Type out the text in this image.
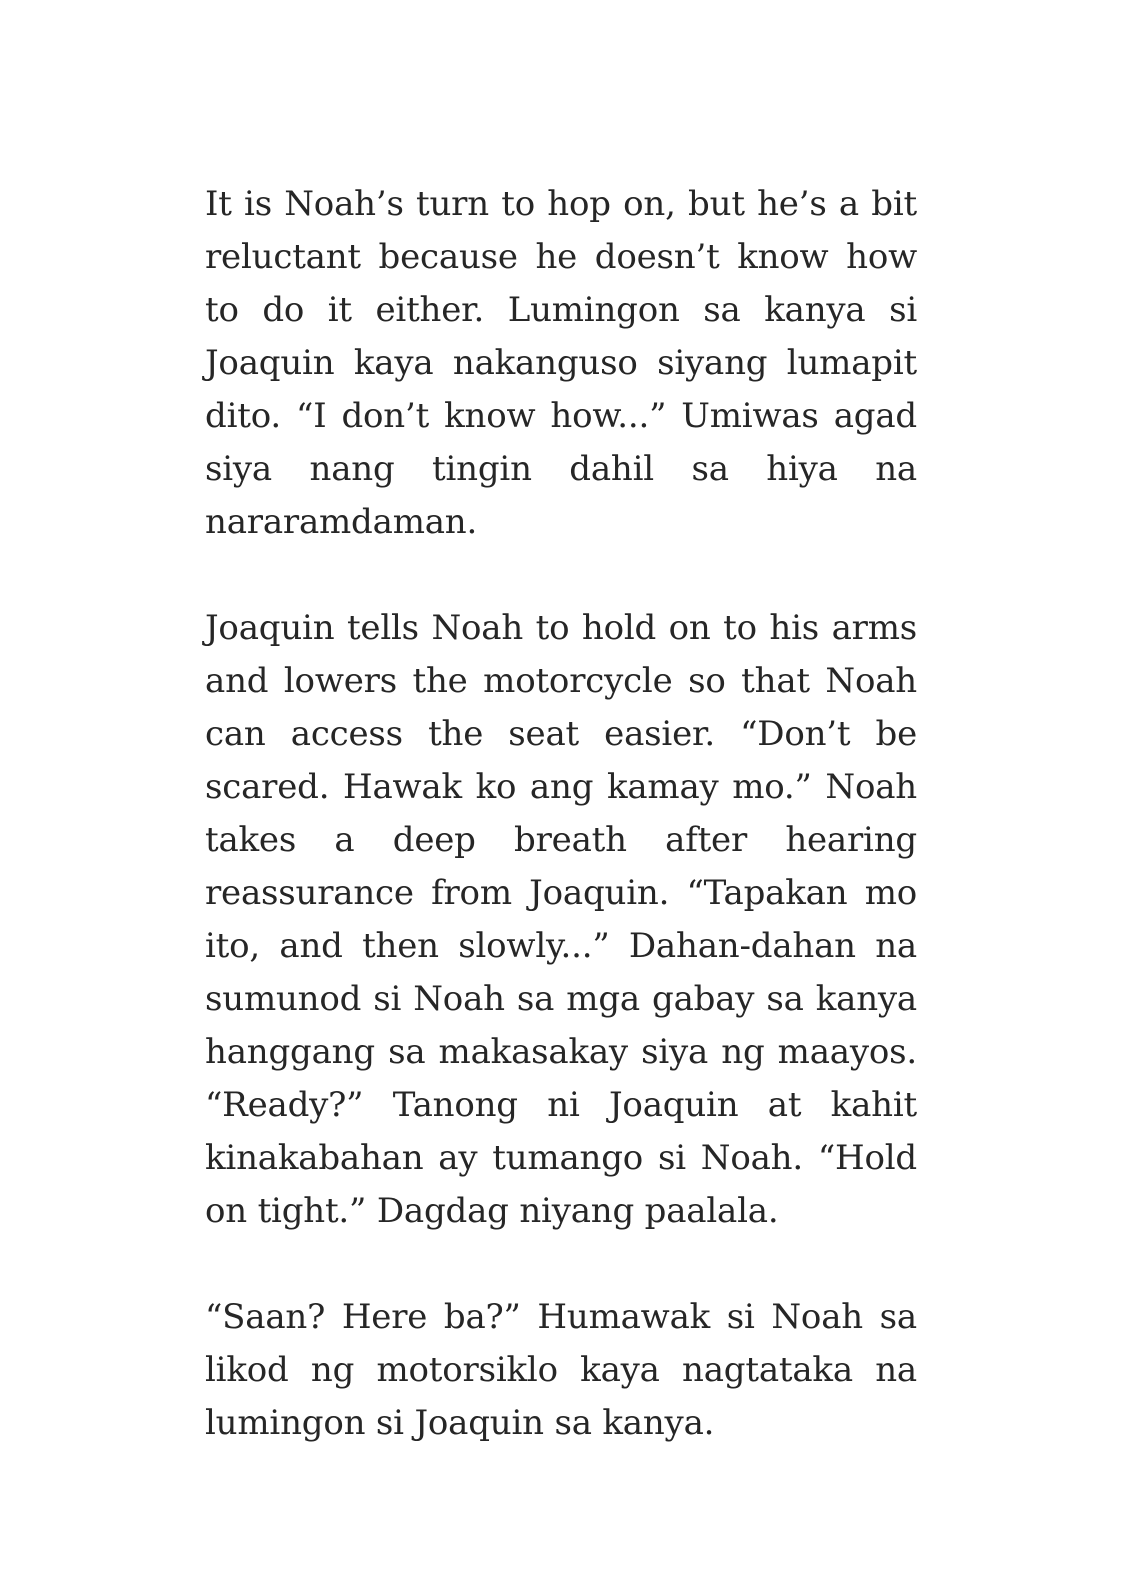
It is Noah’s turn to hop on, but he’s a bit reluctant because he doesn’t know how to do it either. Lumingon sa kanya si Joaquin kaya nakanguso siyang lumapit dito. “I don’t know how...” Umiwas agad siya nang tingin dahil sa hiya na nararamdaman.

Joaquin tells Noah to hold on to his arms and lowers the motorcycle so that Noah can access the seat easier. “Don’t be scared. Hawak ko ang kamay mo.” Noah takes a deep breath after hearing reassurance from Joaquin. “Tapakan mo ito, and then slowly...” Dahan-dahan na sumunod si Noah sa mga gabay sa kanya hanggang sa makasakay siya ng maayos. “Ready?” Tanong ni Joaquin at kahit kinakabahan ay tumango si Noah. “Hold on tight.” Dagdag niyang paalala.

“Saan? Here ba?” Humawak si Noah sa likod ng motorsiklo kaya nagtataka na lumingon si Joaquin sa kanya.
